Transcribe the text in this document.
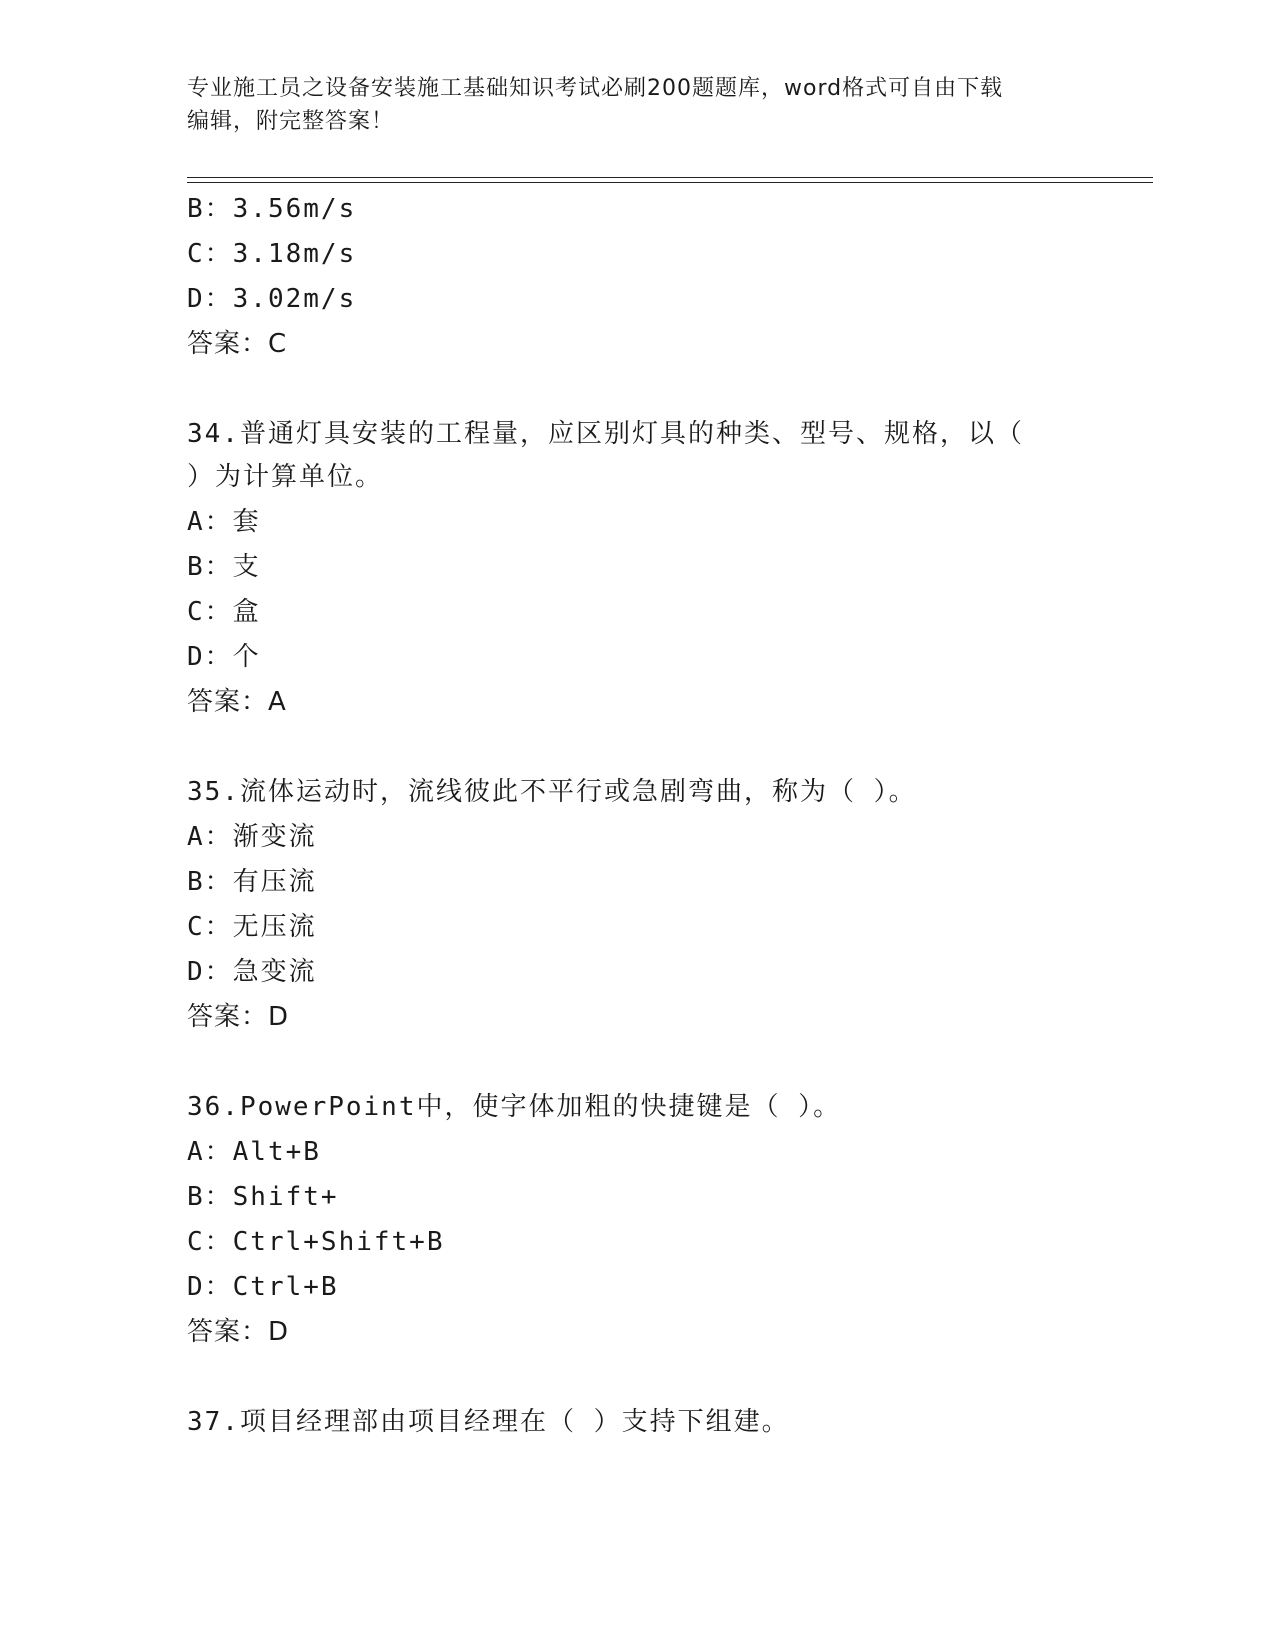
专业施工员之设备安装施工基础知识考试必刷200题题库，word格式可自由下载
编辑，附完整答案！
B：3.56m/s
C：3.18m/s
D：3.02m/s
答案：C
34.普通灯具安装的工程量，应区别灯具的种类、型号、规格，以（
）为计算单位。
A：套
B：支
C：盒
D：个
答案：A
35.流体运动时，流线彼此不平行或急剧弯曲，称为（ ）。
A：渐变流
B：有压流
C：无压流
D：急变流
答案：D
36.PowerPoint中，使字体加粗的快捷键是（ ）。
A：Alt+B
B：Shift+
C：Ctrl+Shift+B
D：Ctrl+B
答案：D
37.项目经理部由项目经理在（ ）支持下组建。
